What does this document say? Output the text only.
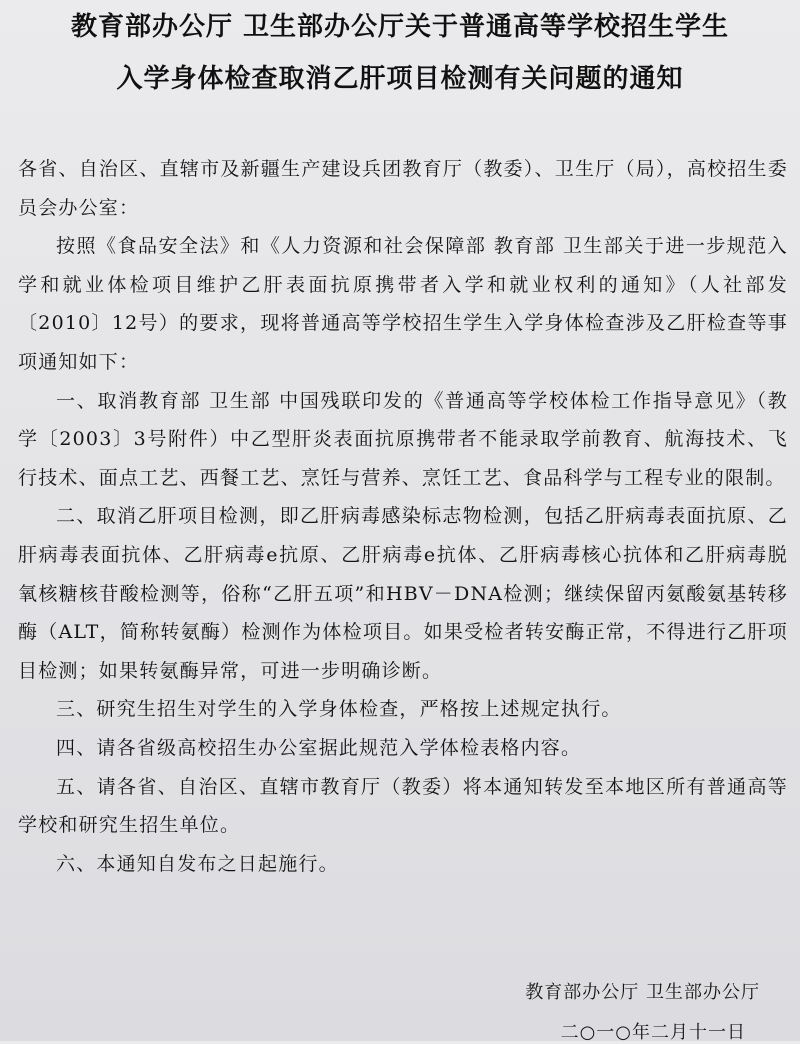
教育部办公厅 卫生部办公厅关于普通高等学校招生学生
入学身体检查取消乙肝项目检测有关问题的通知

各省、自治区、直辖市及新疆生产建设兵团教育厅（教委）、卫生厅（局），高校招生委员会办公室：

按照《食品安全法》和《人力资源和社会保障部 教育部 卫生部关于进一步规范入学和就业体检项目维护乙肝表面抗原携带者入学和就业权利的通知》（人社部发〔2010〕12号）的要求，现将普通高等学校招生学生入学身体检查涉及乙肝检查等事项通知如下：

一、取消教育部 卫生部 中国残联印发的《普通高等学校体检工作指导意见》（教学〔2003〕3号附件）中乙型肝炎表面抗原携带者不能录取学前教育、航海技术、飞行技术、面点工艺、西餐工艺、烹饪与营养、烹饪工艺、食品科学与工程专业的限制。

二、取消乙肝项目检测，即乙肝病毒感染标志物检测，包括乙肝病毒表面抗原、乙肝病毒表面抗体、乙肝病毒e抗原、乙肝病毒e抗体、乙肝病毒核心抗体和乙肝病毒脱氧核糖核苷酸检测等，俗称“乙肝五项”和HBV－DNA检测；继续保留丙氨酸氨基转移酶（ALT，简称转氨酶）检测作为体检项目。如果受检者转安酶正常，不得进行乙肝项目检测；如果转氨酶异常，可进一步明确诊断。

三、研究生招生对学生的入学身体检查，严格按上述规定执行。

四、请各省级高校招生办公室据此规范入学体检表格内容。

五、请各省、自治区、直辖市教育厅（教委）将本通知转发至本地区所有普通高等学校和研究生招生单位。

六、本通知自发布之日起施行。

教育部办公厅 卫生部办公厅
二○一○年二月十一日
